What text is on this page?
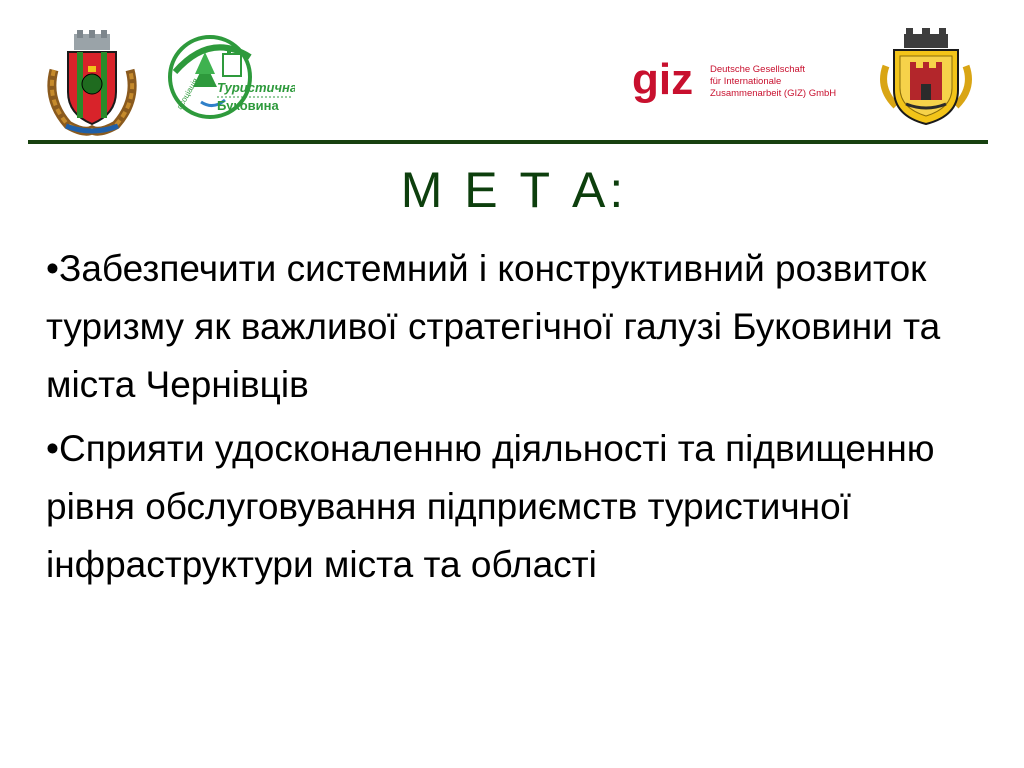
асоціація Туристична
Буковина
giz Deutsche Gesellschaft
für Internationale
Zusammenarbeit (GIZ) GmbH
М Е Т А:

•Забезпечити системний і конструктивний розвиток туризму як важливої стратегічної галузі Буковини та міста Чернівців

•Сприяти удосконаленню діяльності та підвищенню рівня обслуговування підприємств туристичної інфраструктури міста та області
